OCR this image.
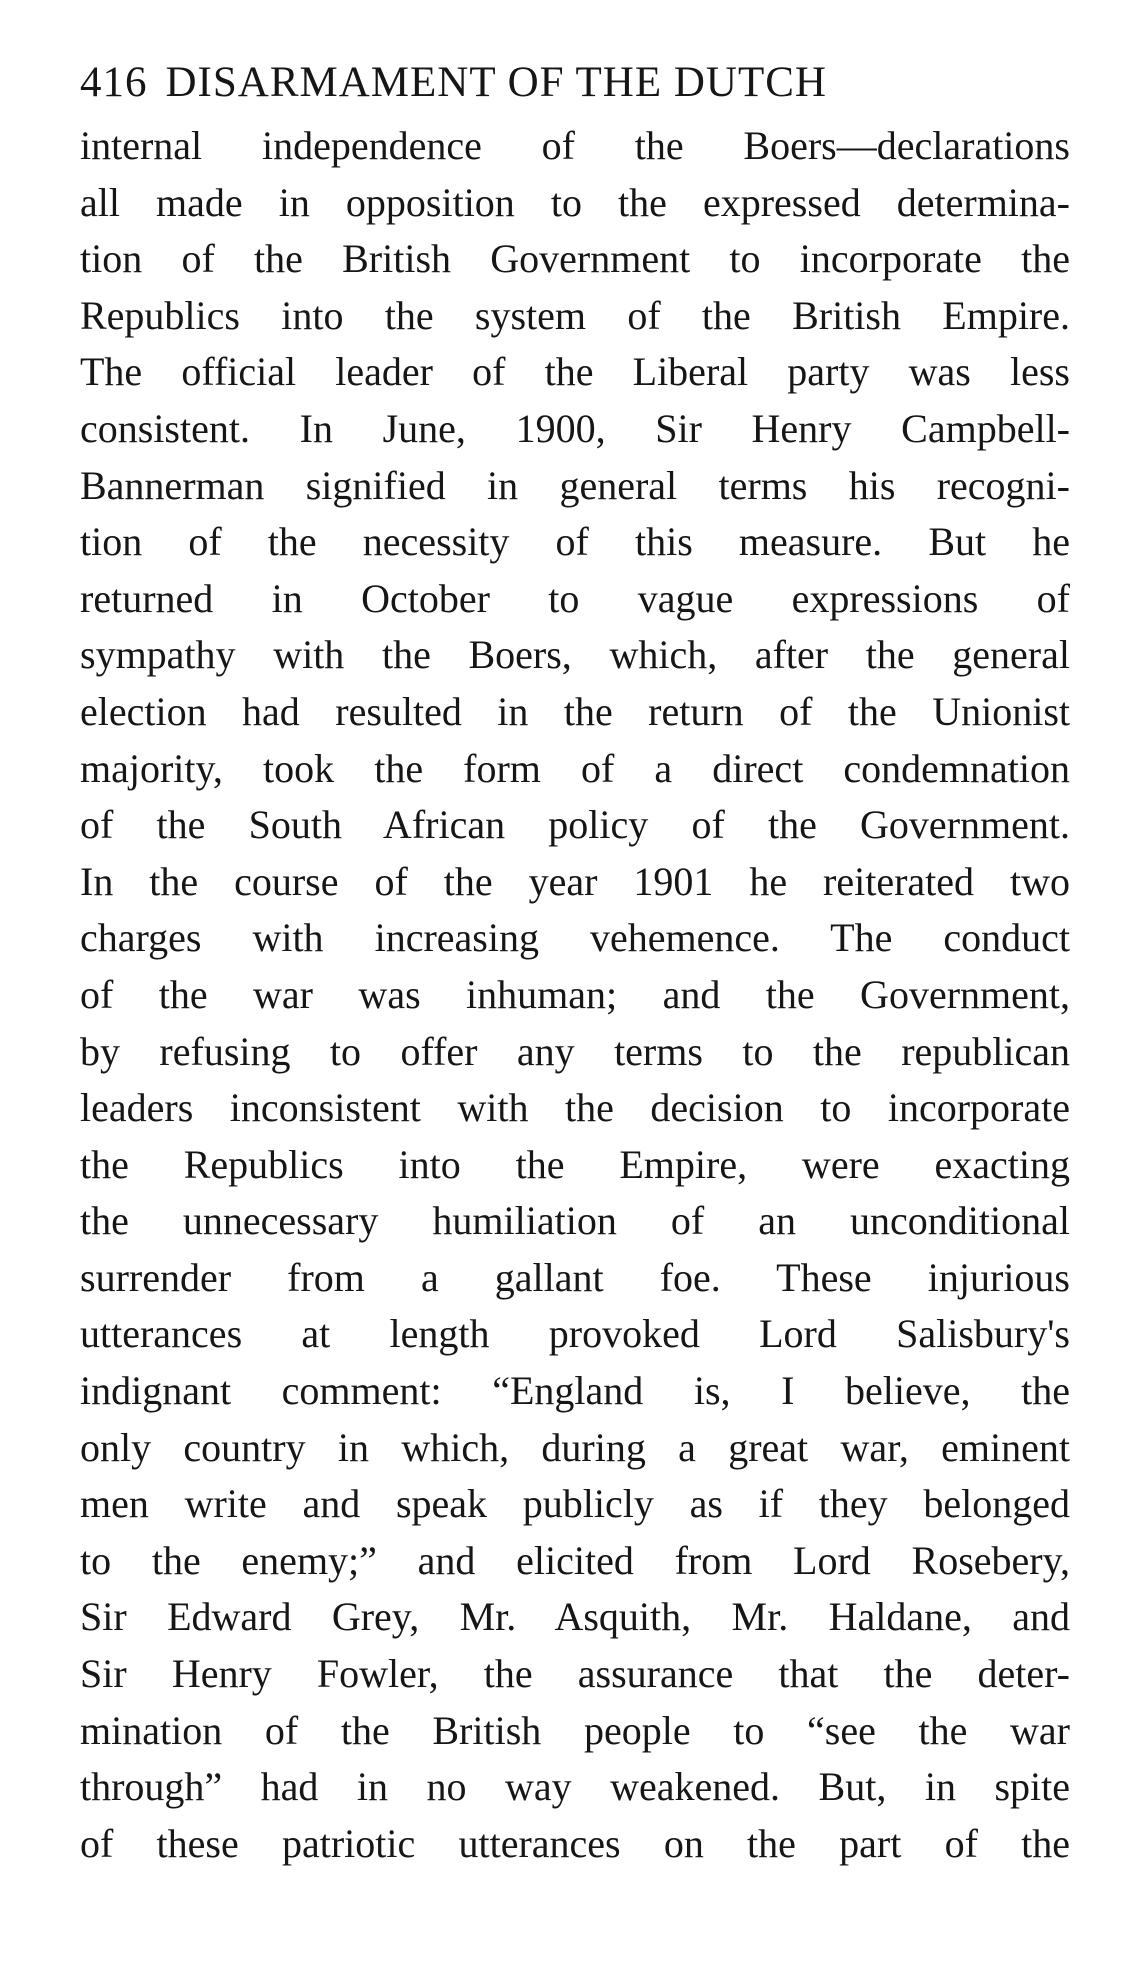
416 DISARMAMENT OF THE DUTCH
internal independence of the Boers—declarations
all made in opposition to the expressed determina-
tion of the British Government to incorporate the
Republics into the system of the British Empire.
The official leader of the Liberal party was less
consistent. In June, 1900, Sir Henry Campbell-
Bannerman signified in general terms his recogni-
tion of the necessity of this measure. But he
returned in October to vague expressions of
sympathy with the Boers, which, after the general
election had resulted in the return of the Unionist
majority, took the form of a direct condemnation
of the South African policy of the Government.
In the course of the year 1901 he reiterated two
charges with increasing vehemence. The conduct
of the war was inhuman; and the Government,
by refusing to offer any terms to the republican
leaders inconsistent with the decision to incorporate
the Republics into the Empire, were exacting
the unnecessary humiliation of an unconditional
surrender from a gallant foe. These injurious
utterances at length provoked Lord Salisbury's
indignant comment: “England is, I believe, the
only country in which, during a great war, eminent
men write and speak publicly as if they belonged
to the enemy;” and elicited from Lord Rosebery,
Sir Edward Grey, Mr. Asquith, Mr. Haldane, and
Sir Henry Fowler, the assurance that the deter-
mination of the British people to “see the war
through” had in no way weakened. But, in spite
of these patriotic utterances on the part of the
